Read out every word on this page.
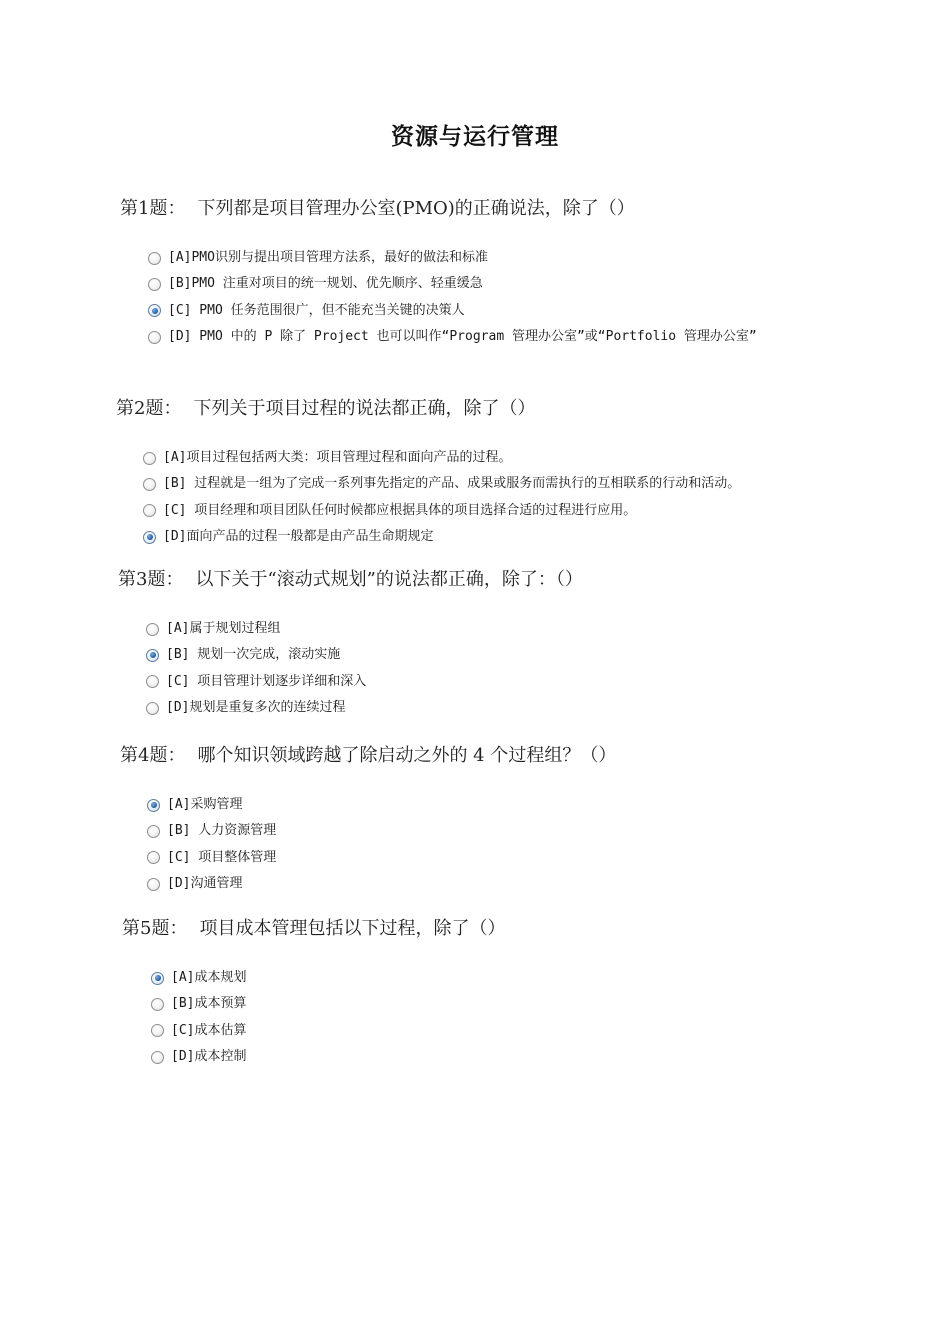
资源与运行管理
第1题： 下列都是项目管理办公室(PMO)的正确说法，除了（）
[A]PMO识别与提出项目管理方法系，最好的做法和标准
[B]PMO 注重对项目的统一规划、优先顺序、轻重缓急
[C] PMO 任务范围很广，但不能充当关键的决策人
[D] PMO 中的 P 除了 Project 也可以叫作“Program 管理办公室”或“Portfolio 管理办公室”
第2题： 下列关于项目过程的说法都正确，除了（）
[A]项目过程包括两大类：项目管理过程和面向产品的过程。
[B] 过程就是一组为了完成一系列事先指定的产品、成果或服务而需执行的互相联系的行动和活动。
[C] 项目经理和项目团队任何时候都应根据具体的项目选择合适的过程进行应用。
[D]面向产品的过程一般都是由产品生命期规定
第3题： 以下关于“滚动式规划”的说法都正确，除了：（）
[A]属于规划过程组
[B] 规划一次完成，滚动实施
[C] 项目管理计划逐步详细和深入
[D]规划是重复多次的连续过程
第4题： 哪个知识领域跨越了除启动之外的 4 个过程组？（）
[A]采购管理
[B] 人力资源管理
[C] 项目整体管理
[D]沟通管理
第5题： 项目成本管理包括以下过程，除了（）
[A]成本规划
[B]成本预算
[C]成本估算
[D]成本控制
